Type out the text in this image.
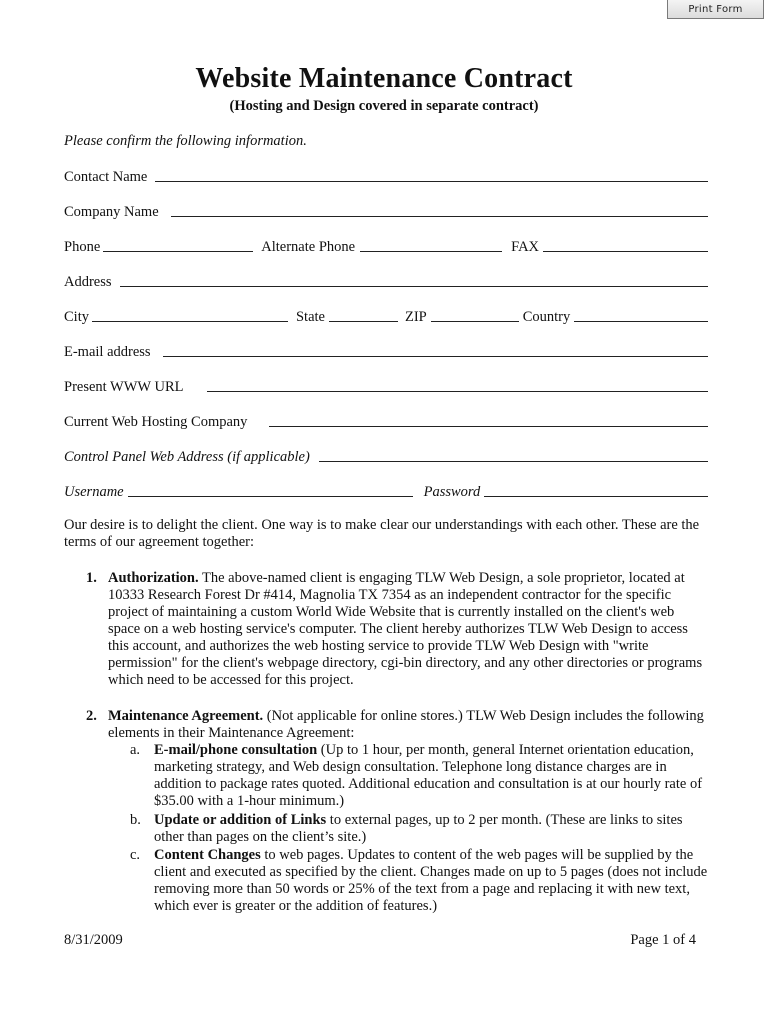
Print Form
Website Maintenance Contract
(Hosting and Design covered in separate contract)
Please confirm the following information.
Contact Name
Company Name
Phone	Alternate Phone	FAX
Address
City	State	ZIP	Country
E-mail address
Present WWW URL
Current Web Hosting Company
Control Panel Web Address (if applicable)
Username	Password
Our desire is to delight the client. One way is to make clear our understandings with each other. These are the terms of our agreement together:
1. Authorization. The above-named client is engaging TLW Web Design, a sole proprietor, located at 10333 Research Forest Dr #414, Magnolia TX 7354 as an independent contractor for the specific project of maintaining a custom World Wide Website that is currently installed on the client's web space on a web hosting service's computer. The client hereby authorizes TLW Web Design to access this account, and authorizes the web hosting service to provide TLW Web Design with "write permission" for the client's webpage directory, cgi-bin directory, and any other directories or programs which need to be accessed for this project.
2. Maintenance Agreement. (Not applicable for online stores.) TLW Web Design includes the following elements in their Maintenance Agreement:
a. E-mail/phone consultation (Up to 1 hour, per month, general Internet orientation education, marketing strategy, and Web design consultation. Telephone long distance charges are in addition to package rates quoted. Additional education and consultation is at our hourly rate of $35.00 with a 1-hour minimum.)
b. Update or addition of Links to external pages, up to 2 per month. (These are links to sites other than pages on the client’s site.)
c. Content Changes to web pages. Updates to content of the web pages will be supplied by the client and executed as specified by the client. Changes made on up to 5 pages (does not include removing more than 50 words or 25% of the text from a page and replacing it with new text, which ever is greater or the addition of features.)
8/31/2009	Page 1 of 4
